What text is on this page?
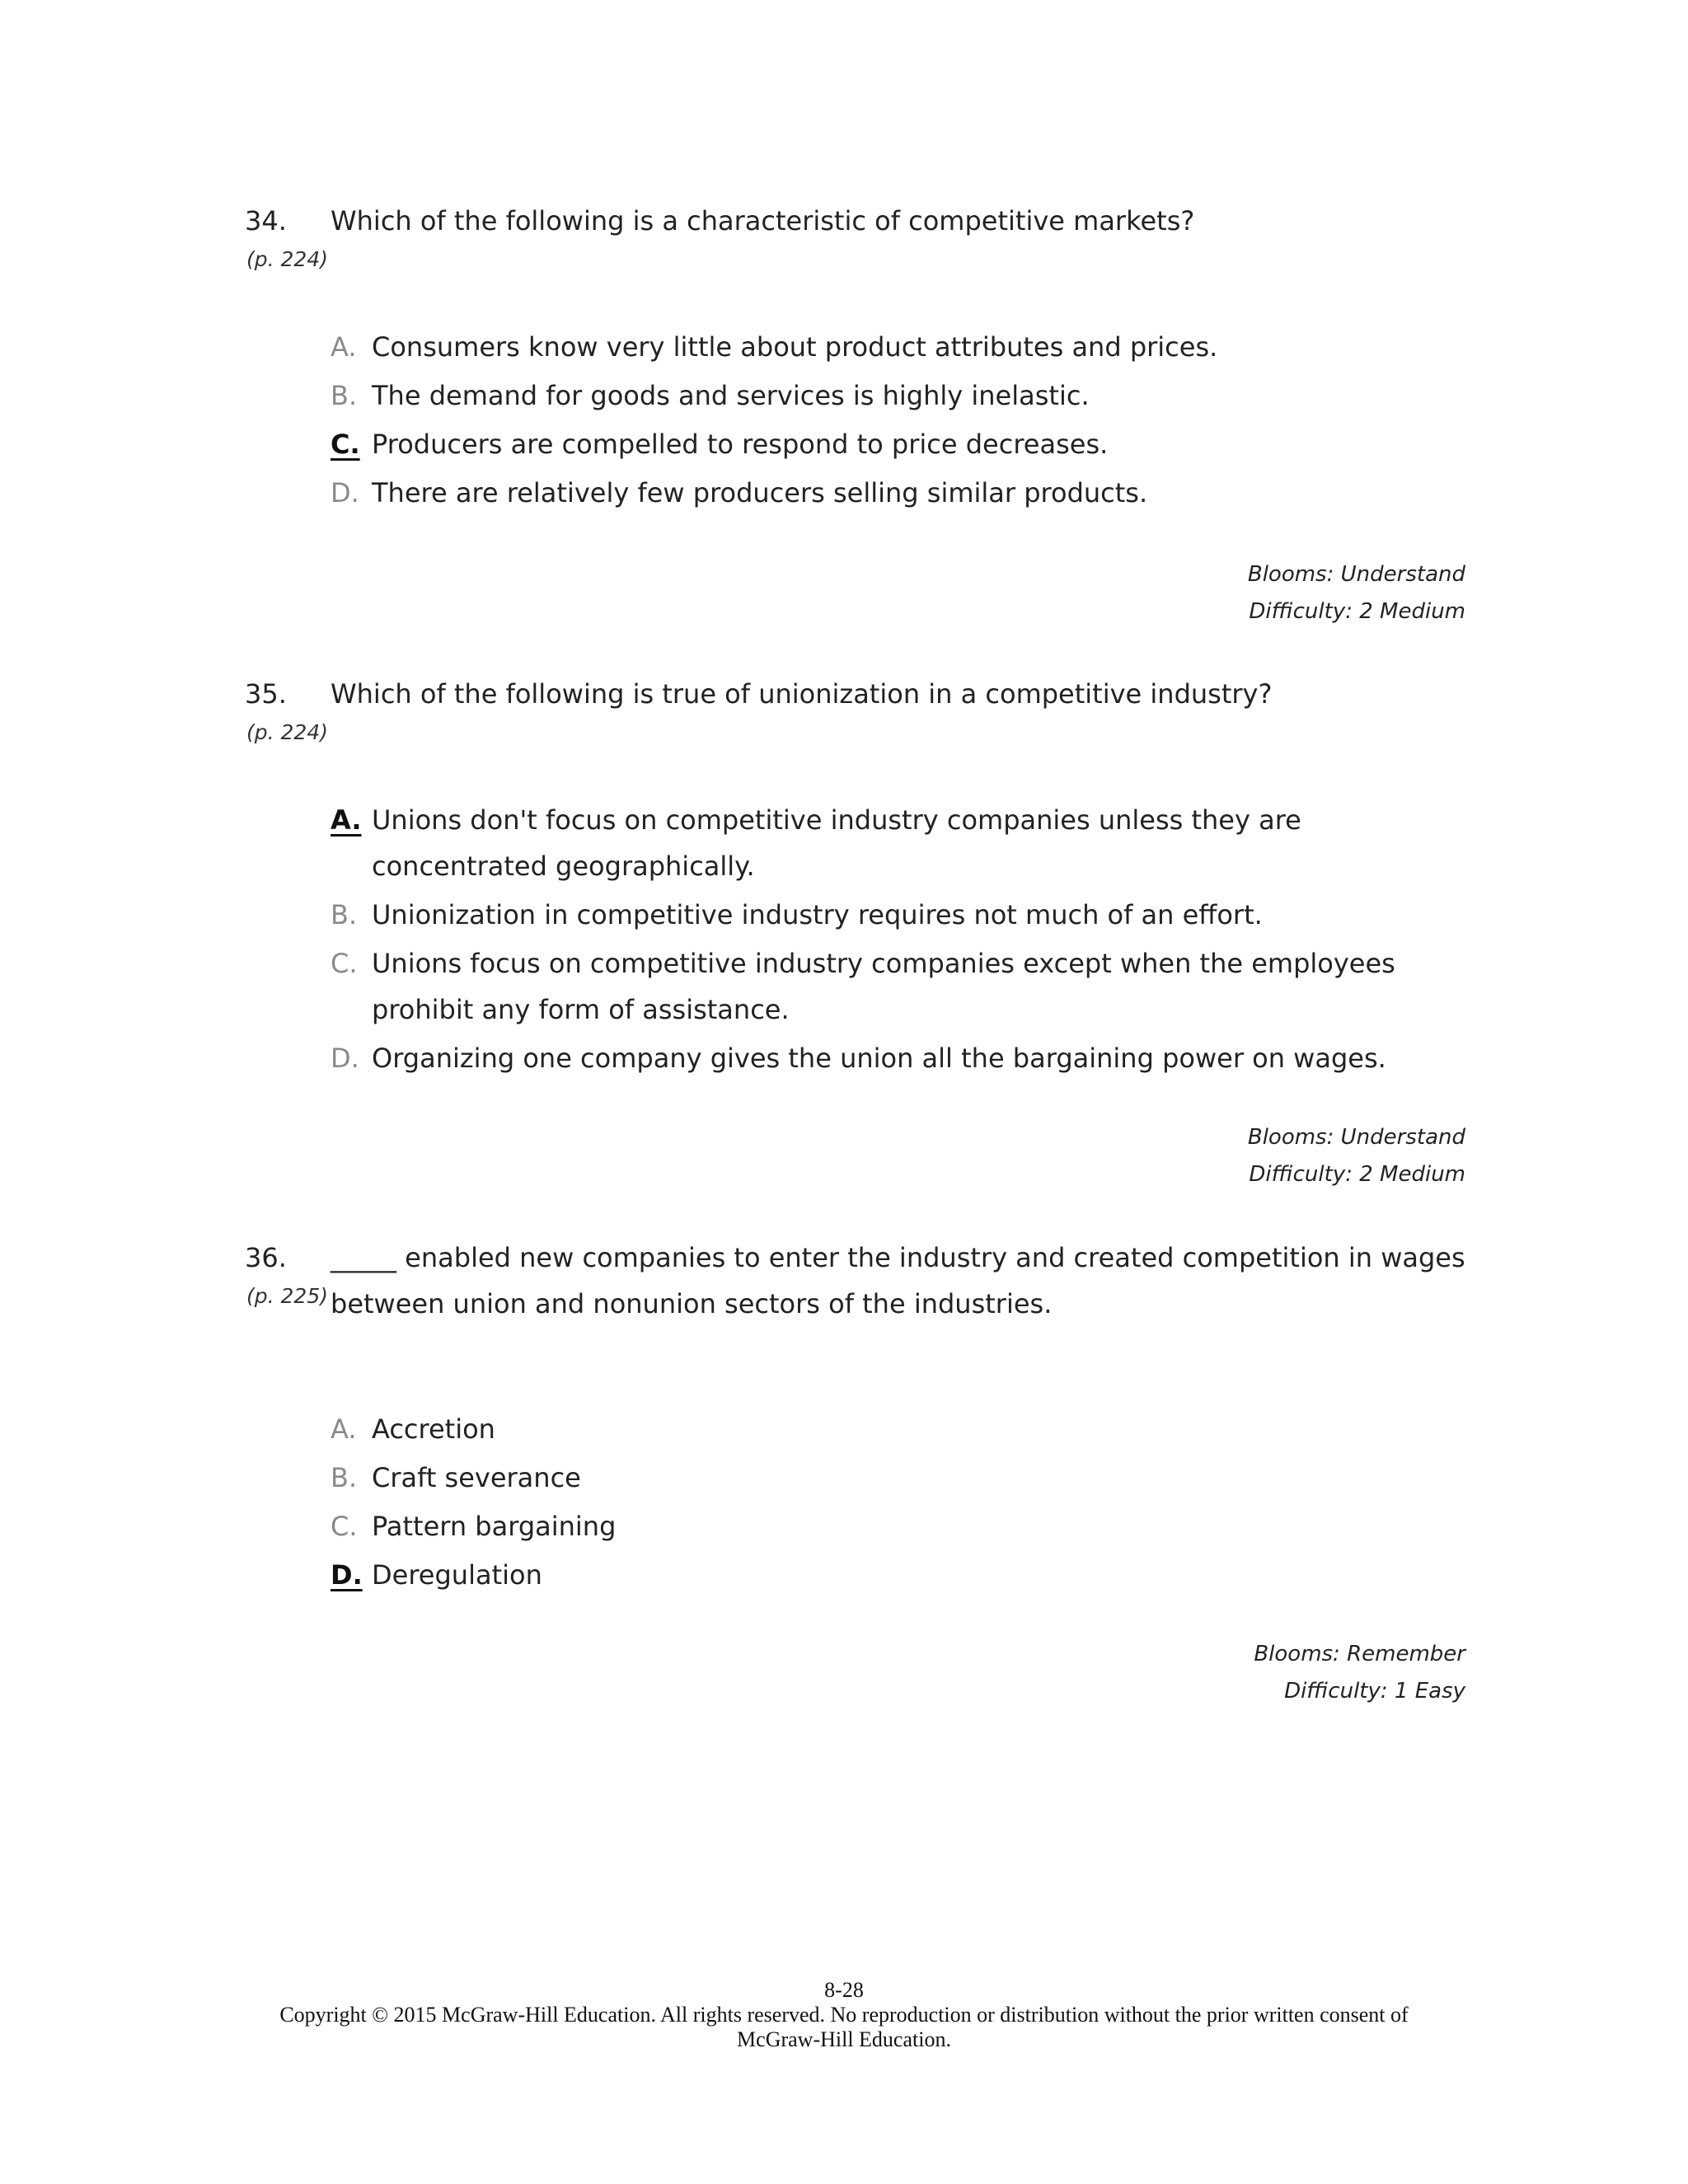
34. Which of the following is a characteristic of competitive markets?
(p. 224)
A. Consumers know very little about product attributes and prices.
B. The demand for goods and services is highly inelastic.
C. Producers are compelled to respond to price decreases.
D. There are relatively few producers selling similar products.
Blooms: Understand
Difficulty: 2 Medium
35. Which of the following is true of unionization in a competitive industry?
(p. 224)
A. Unions don't focus on competitive industry companies unless they are concentrated geographically.
B. Unionization in competitive industry requires not much of an effort.
C. Unions focus on competitive industry companies except when the employees prohibit any form of assistance.
D. Organizing one company gives the union all the bargaining power on wages.
Blooms: Understand
Difficulty: 2 Medium
36. _____ enabled new companies to enter the industry and created competition in wages between union and nonunion sectors of the industries.
(p. 225)
A. Accretion
B. Craft severance
C. Pattern bargaining
D. Deregulation
Blooms: Remember
Difficulty: 1 Easy
8-28
Copyright © 2015 McGraw-Hill Education. All rights reserved. No reproduction or distribution without the prior written consent of
McGraw-Hill Education.
